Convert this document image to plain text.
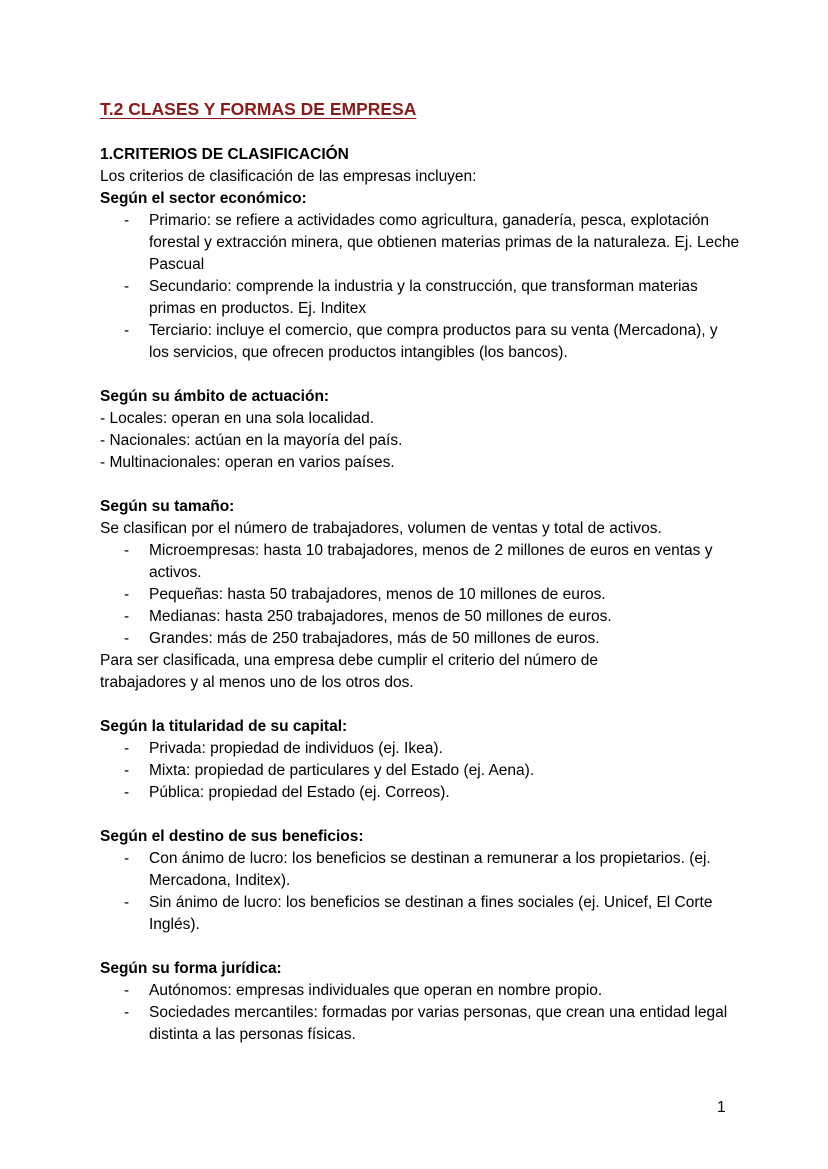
T.2 CLASES Y FORMAS DE EMPRESA

1.CRITERIOS DE CLASIFICACIÓN

Los criterios de clasificación de las empresas incluyen:

Según el sector económico:

- Primario: se refiere a actividades como agricultura, ganadería, pesca, explotación forestal y extracción minera, que obtienen materias primas de la naturaleza. Ej. Leche Pascual
- Secundario: comprende la industria y la construcción, que transforman materias primas en productos. Ej. Inditex
- Terciario: incluye el comercio, que compra productos para su venta (Mercadona), y los servicios, que ofrecen productos intangibles (los bancos).

Según su ámbito de actuación:

- Locales: operan en una sola localidad.

- Nacionales: actúan en la mayoría del país.

- Multinacionales: operan en varios países.

Según su tamaño:

Se clasifican por el número de trabajadores, volumen de ventas y total de activos.

- Microempresas: hasta 10 trabajadores, menos de 2 millones de euros en ventas y activos.
- Pequeñas: hasta 50 trabajadores, menos de 10 millones de euros.
- Medianas: hasta 250 trabajadores, menos de 50 millones de euros.
- Grandes: más de 250 trabajadores, más de 50 millones de euros.

Para ser clasificada, una empresa debe cumplir el criterio del número de

trabajadores y al menos uno de los otros dos.

Según la titularidad de su capital:

- Privada: propiedad de individuos (ej. Ikea).
- Mixta: propiedad de particulares y del Estado (ej. Aena).
- Pública: propiedad del Estado (ej. Correos).

Según el destino de sus beneficios:

- Con ánimo de lucro: los beneficios se destinan a remunerar a los propietarios. (ej. Mercadona, Inditex).
- Sin ánimo de lucro: los beneficios se destinan a fines sociales (ej. Unicef, El Corte Inglés).

Según su forma jurídica:

- Autónomos: empresas individuales que operan en nombre propio.
- Sociedades mercantiles: formadas por varias personas, que crean una entidad legal distinta a las personas físicas.
1
